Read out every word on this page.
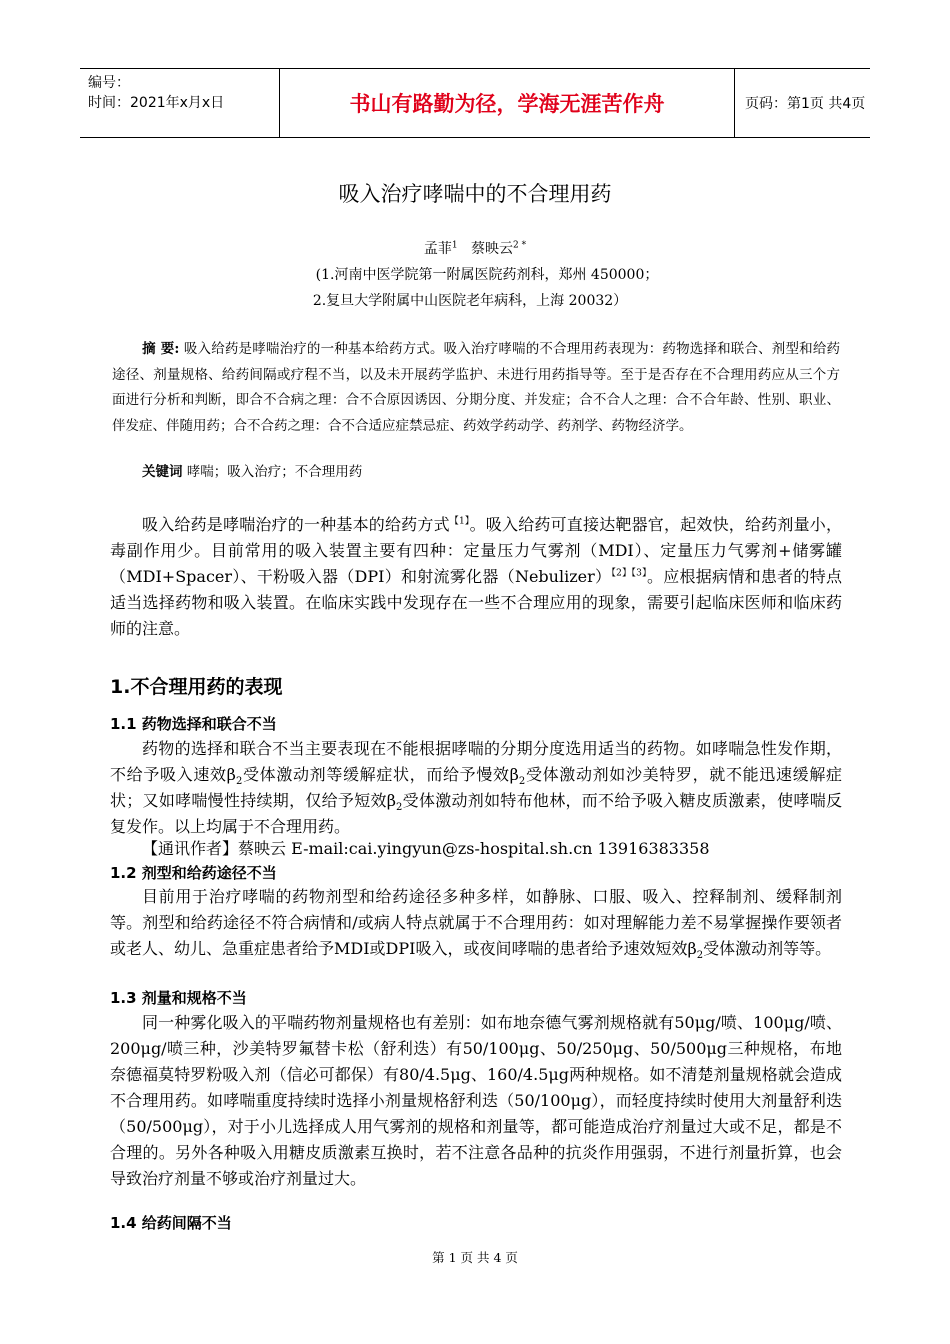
编号：
时间：2021年x月x日	书山有路勤为径，学海无涯苦作舟	页码：第1页 共4页
吸入治疗哮喘中的不合理用药
孟菲$^1$ 蔡映云$^{2 *}$
(1.河南中医学院第一附属医院药剂科，郑州 450000；
2.复旦大学附属中山医院老年病科，上海 20032）
摘 要: 吸入给药是哮喘治疗的一种基本给药方式。吸入治疗哮喘的不合理用药表现为：药物选择和联合、剂型和给药途径、剂量规格、给药间隔或疗程不当，以及未开展药学监护、未进行用药指导等。至于是否存在不合理用药应从三个方面进行分析和判断，即合不合病之理：合不合原因诱因、分期分度、并发症；合不合人之理：合不合年龄、性别、职业、伴发症、伴随用药；合不合药之理：合不合适应症禁忌症、药效学药动学、药剂学、药物经济学。
关键词 哮喘；吸入治疗；不合理用药
吸入给药是哮喘治疗的一种基本的给药方式$^{【1】}$。吸入给药可直接达靶器官，起效快，给药剂量小，毒副作用少。目前常用的吸入装置主要有四种：定量压力气雾剂（MDI）、定量压力气雾剂+储雾罐（MDI+Spacer）、干粉吸入器（DPI）和射流雾化器（Nebulizer）$^{【2】【3】}$。应根据病情和患者的特点适当选择药物和吸入装置。在临床实践中发现存在一些不合理应用的现象，需要引起临床医师和临床药师的注意。
1.不合理用药的表现
1.1 药物选择和联合不当
药物的选择和联合不当主要表现在不能根据哮喘的分期分度选用适当的药物。如哮喘急性发作期，不给予吸入速效$\beta_2$受体激动剂等缓解症状，而给予慢效$\beta_2$受体激动剂如沙美特罗，就不能迅速缓解症状；又如哮喘慢性持续期，仅给予短效$\beta_2$受体激动剂如特布他林，而不给予吸入糖皮质激素，使哮喘反复发作。以上均属于不合理用药。
【通讯作者】蔡映云 E-mail:cai.yingyun@zs-hospital.sh.cn 13916383358
1.2 剂型和给药途径不当
目前用于治疗哮喘的药物剂型和给药途径多种多样，如静脉、口服、吸入、控释制剂、缓释制剂等。剂型和给药途径不符合病情和/或病人特点就属于不合理用药：如对理解能力差不易掌握操作要领者或老人、幼儿、急重症患者给予MDI或DPI吸入，或夜间哮喘的患者给予速效短效$\beta_2$受体激动剂等等。
1.3 剂量和规格不当
同一种雾化吸入的平喘药物剂量规格也有差别：如布地奈德气雾剂规格就有50μg/喷、100μg/喷、200μg/喷三种，沙美特罗氟替卡松（舒利迭）有50/100μg、50/250μg、50/500μg三种规格，布地奈德福莫特罗粉吸入剂（信必可都保）有80/4.5μg、160/4.5μg两种规格。如不清楚剂量规格就会造成不合理用药。如哮喘重度持续时选择小剂量规格舒利迭（50/100μg），而轻度持续时使用大剂量舒利迭（50/500μg），对于小儿选择成人用气雾剂的规格和剂量等，都可能造成治疗剂量过大或不足，都是不合理的。另外各种吸入用糖皮质激素互换时，若不注意各品种的抗炎作用强弱，不进行剂量折算，也会导致治疗剂量不够或治疗剂量过大。
1.4 给药间隔不当
第 1 页 共 4 页
